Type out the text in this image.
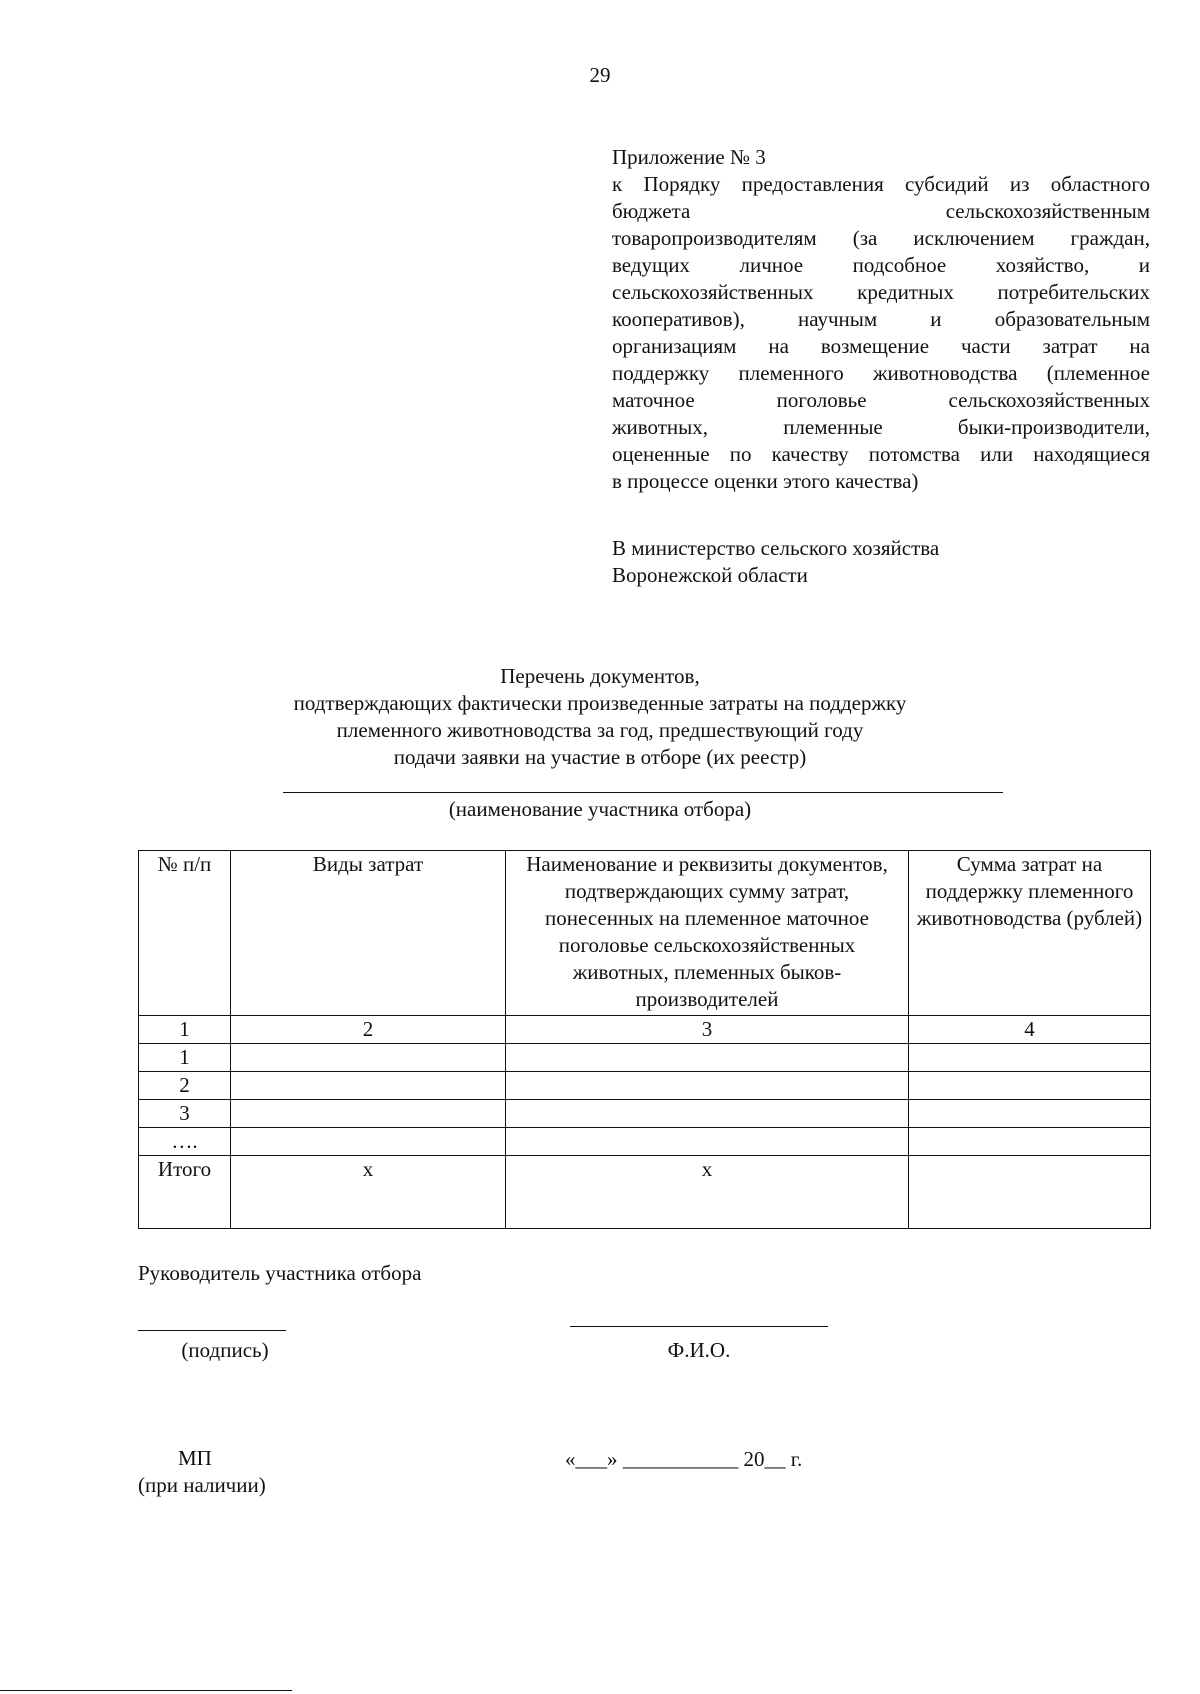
29
Приложение № 3
к Порядку предоставления субсидий из областного
бюджета сельскохозяйственным
товаропроизводителям (за исключением граждан,
ведущих личное подсобное хозяйство, и
сельскохозяйственных кредитных потребительских
кооперативов), научным и образовательным
организациям на возмещение части затрат на
поддержку племенного животноводства (племенное
маточное поголовье сельскохозяйственных
животных, племенные быки-производители,
оцененные по качеству потомства или находящиеся
в процессе оценки этого качества)
В министерство сельского хозяйства
Воронежской области
Перечень документов,
подтверждающих фактически произведенные затраты на поддержку
племенного животноводства за год, предшествующий году
подачи заявки на участие в отборе (их реестр)
(наименование участника отбора)
№ п/п	Виды затрат	Наименование и реквизиты документов, подтверждающих сумму затрат, понесенных на племенное маточное поголовье сельскохозяйственных животных, племенных быков-производителей	Сумма затрат на поддержку племенного животноводства (рублей)
1	2	3	4
1			
2			
3			
….			
Итого	х	х	
Руководитель участника отбора
(подпись)	Ф.И.О.
МП
(при наличии)
«___» ___________ 20__ г.
